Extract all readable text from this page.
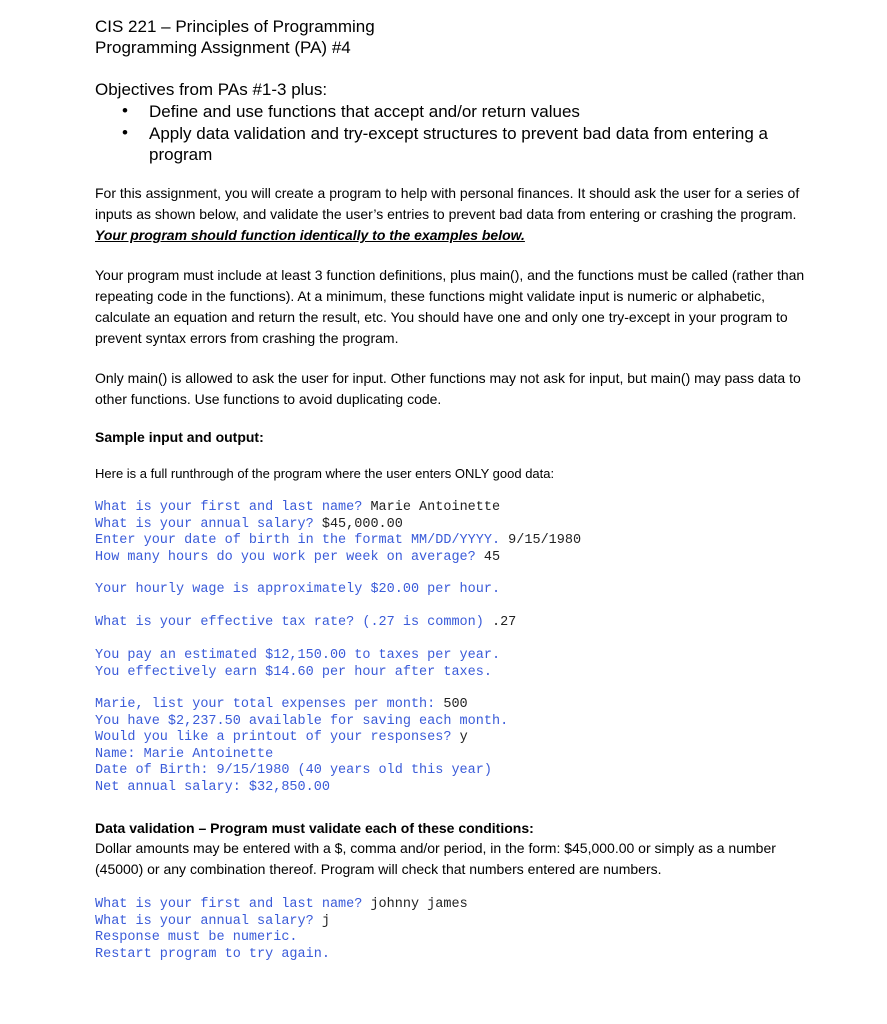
CIS 221 – Principles of Programming
Programming Assignment (PA) #4
Objectives from PAs #1-3 plus:
• Define and use functions that accept and/or return values
• Apply data validation and try-except structures to prevent bad data from entering a program
For this assignment, you will create a program to help with personal finances. It should ask the user for a series of inputs as shown below, and validate the user’s entries to prevent bad data from entering or crashing the program. Your program should function identically to the examples below.
Your program must include at least 3 function definitions, plus main(), and the functions must be called (rather than repeating code in the functions). At a minimum, these functions might validate input is numeric or alphabetic, calculate an equation and return the result, etc. You should have one and only one try-except in your program to prevent syntax errors from crashing the program.
Only main() is allowed to ask the user for input. Other functions may not ask for input, but main() may pass data to other functions. Use functions to avoid duplicating code.
Sample input and output:
Here is a full runthrough of the program where the user enters ONLY good data:
What is your first and last name? Marie Antoinette
What is your annual salary? $45,000.00
Enter your date of birth in the format MM/DD/YYYY. 9/15/1980
How many hours do you work per week on average? 45
Your hourly wage is approximately $20.00 per hour.
What is your effective tax rate? (.27 is common) .27
You pay an estimated $12,150.00 to taxes per year.
You effectively earn $14.60 per hour after taxes.
Marie, list your total expenses per month: 500
You have $2,237.50 available for saving each month.
Would you like a printout of your responses? y
Name: Marie Antoinette
Date of Birth: 9/15/1980 (40 years old this year)
Net annual salary: $32,850.00
Data validation – Program must validate each of these conditions:
Dollar amounts may be entered with a $, comma and/or period, in the form: $45,000.00 or simply as a number (45000) or any combination thereof. Program will check that numbers entered are numbers.
What is your first and last name? johnny james
What is your annual salary? j
Response must be numeric.
Restart program to try again.
